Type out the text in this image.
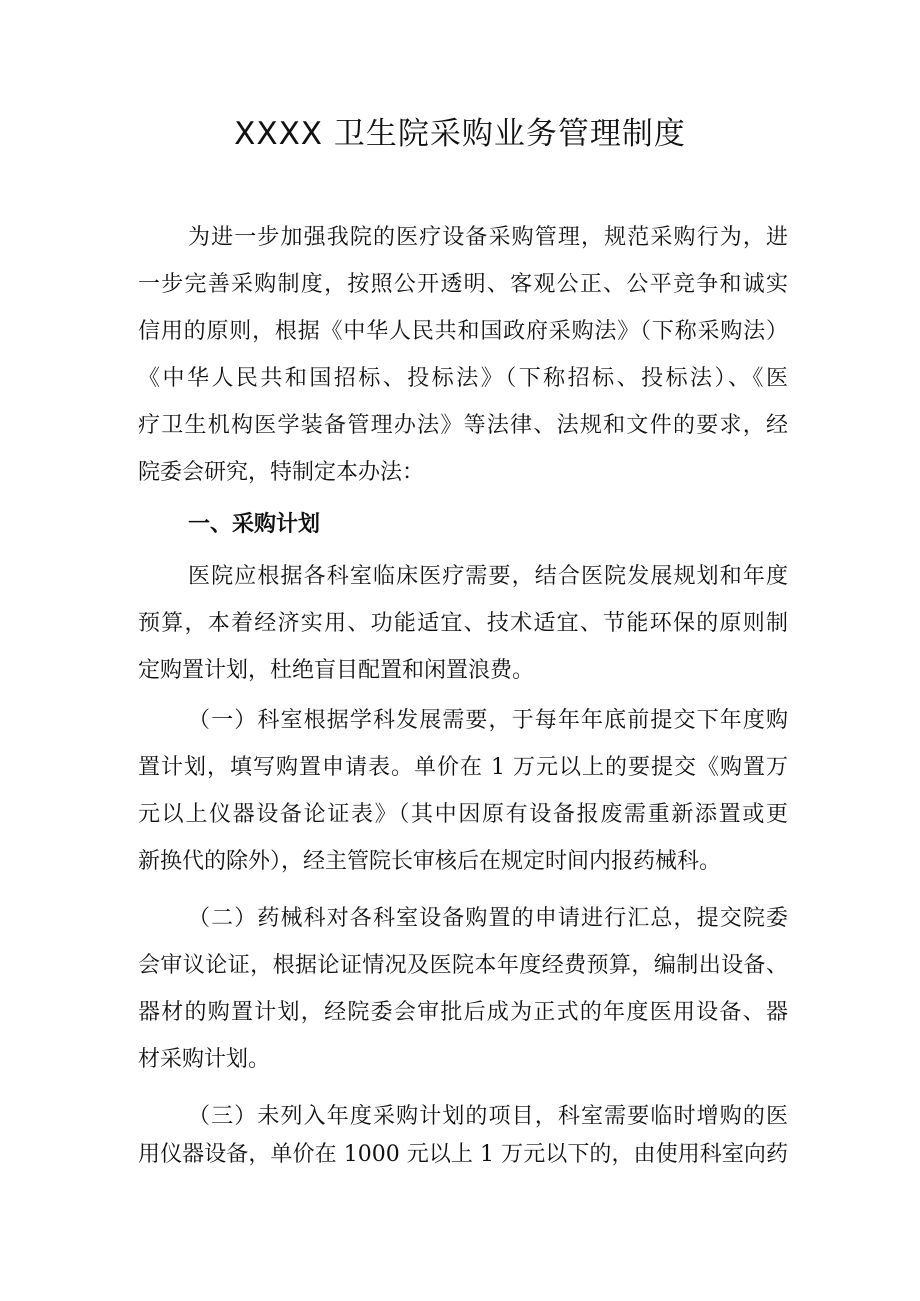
XXXX 卫生院采购业务管理制度
为进一步加强我院的医疗设备采购管理，规范采购行为，进
一步完善采购制度，按照公开透明、客观公正、公平竞争和诚实
信用的原则，根据《中华人民共和国政府采购法》（下称采购法）
《中华人民共和国招标、投标法》（下称招标、投标法）、《医
疗卫生机构医学装备管理办法》等法律、法规和文件的要求，经
院委会研究，特制定本办法：
一、采购计划
医院应根据各科室临床医疗需要，结合医院发展规划和年度
预算，本着经济实用、功能适宜、技术适宜、节能环保的原则制
定购置计划，杜绝盲目配置和闲置浪费。
（一）科室根据学科发展需要，于每年年底前提交下年度购
置计划，填写购置申请表。单价在 1 万元以上的要提交《购置万
元以上仪器设备论证表》（其中因原有设备报废需重新添置或更
新换代的除外），经主管院长审核后在规定时间内报药械科。
（二）药械科对各科室设备购置的申请进行汇总，提交院委
会审议论证，根据论证情况及医院本年度经费预算，编制出设备、
器材的购置计划，经院委会审批后成为正式的年度医用设备、器
材采购计划。
（三）未列入年度采购计划的项目，科室需要临时增购的医
用仪器设备，单价在 1000 元以上 1 万元以下的，由使用科室向药
